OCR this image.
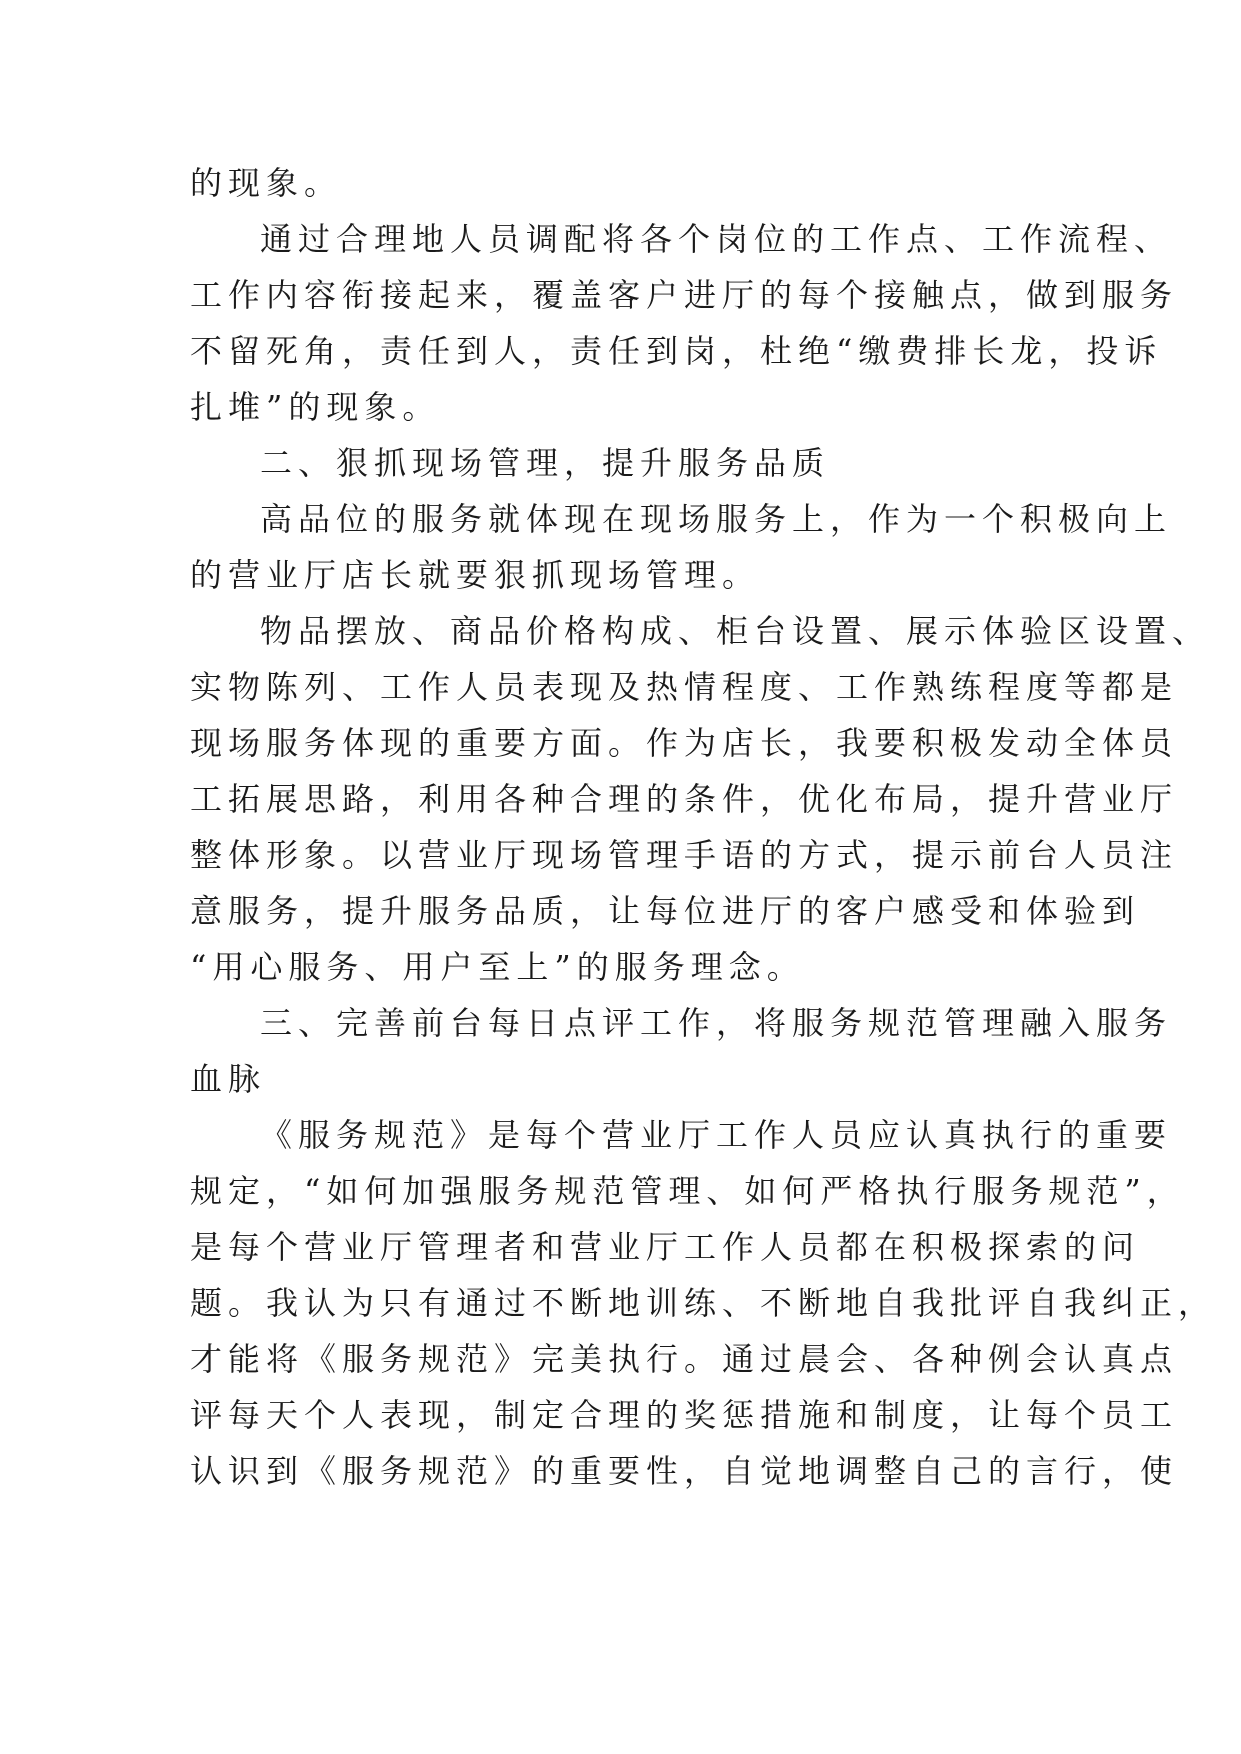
的现象。
通过合理地人员调配将各个岗位的工作点、工作流程、
工作内容衔接起来，覆盖客户进厅的每个接触点，做到服务
不留死角，责任到人，责任到岗，杜绝“缴费排长龙，投诉
扎堆”的现象。
二、狠抓现场管理，提升服务品质
高品位的服务就体现在现场服务上，作为一个积极向上
的营业厅店长就要狠抓现场管理。
物品摆放、商品价格构成、柜台设置、展示体验区设置、
实物陈列、工作人员表现及热情程度、工作熟练程度等都是
现场服务体现的重要方面。作为店长，我要积极发动全体员
工拓展思路，利用各种合理的条件，优化布局，提升营业厅
整体形象。以营业厅现场管理手语的方式，提示前台人员注
意服务，提升服务品质，让每位进厅的客户感受和体验到
“用心服务、用户至上”的服务理念。
三、完善前台每日点评工作，将服务规范管理融入服务
血脉
《服务规范》是每个营业厅工作人员应认真执行的重要
规定，“如何加强服务规范管理、如何严格执行服务规范”，
是每个营业厅管理者和营业厅工作人员都在积极探索的问
题。我认为只有通过不断地训练、不断地自我批评自我纠正，
才能将《服务规范》完美执行。通过晨会、各种例会认真点
评每天个人表现，制定合理的奖惩措施和制度，让每个员工
认识到《服务规范》的重要性，自觉地调整自己的言行，使
